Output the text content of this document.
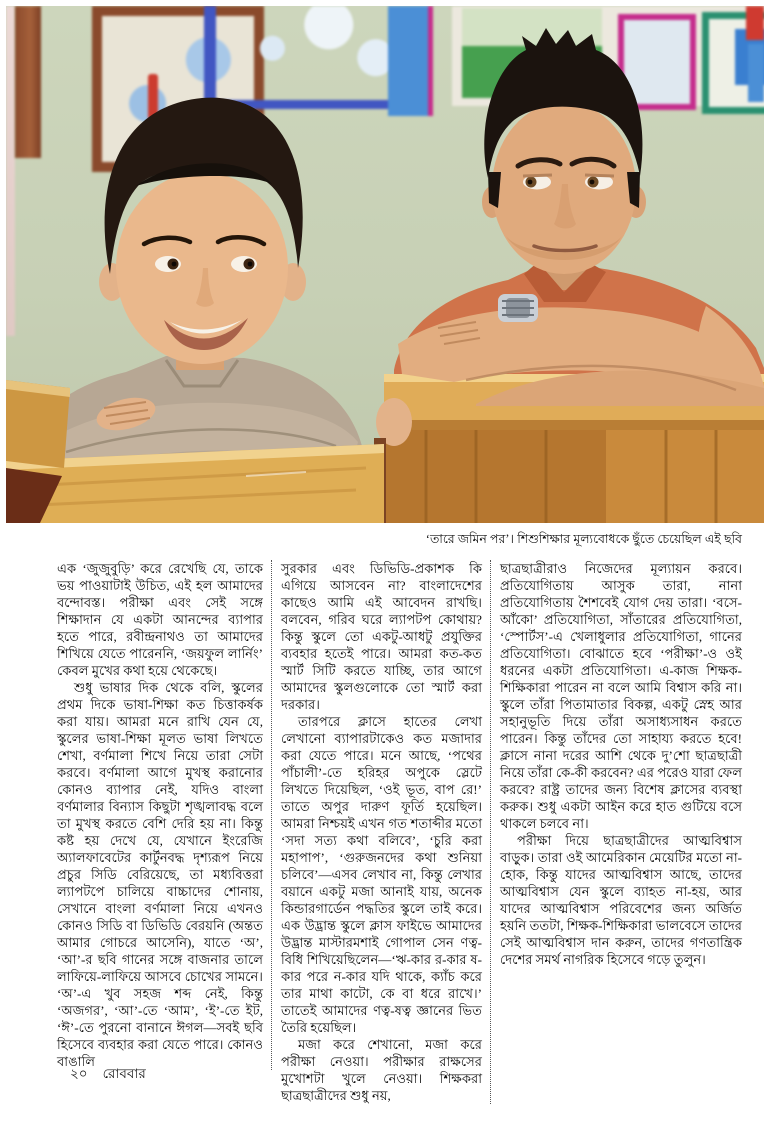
‘তারে জমিন পর’। শিশুশিক্ষার মূল্যবোধকে ছুঁতে চেয়েছিল এই ছবি

এক ‘জুজুবুড়ি’ করে রেখেছি যে, তাকে ভয় পাওয়াটাই উচিত, এই হল আমাদের বন্দোবস্ত। পরীক্ষা এবং সেই সঙ্গে শিক্ষাদান যে একটা আনন্দের ব্যাপার হতে পারে, রবীন্দ্রনাথও তা আমাদের শিখিয়ে যেতে পারেননি, ‘জয়ফুল লার্নিং’ কেবল মুখের কথা হয়ে থেকেছে।

শুধু ভাষার দিক থেকে বলি, স্কুলের প্রথম দিকে ভাষা-শিক্ষা কত চিত্তাকর্ষক করা যায়। আমরা মনে রাখি যেন যে, স্কুলের ভাষা-শিক্ষা মূলত ভাষা লিখতে শেখা, বর্ণমালা শিখে নিয়ে তারা সেটা করবে। বর্ণমালা আগে মুখস্থ করানোর কোনও ব্যাপার নেই, যদিও বাংলা বর্ণমালার বিন্যাস কিছুটা শৃঙ্খলাবদ্ধ বলে তা মুখস্থ করতে বেশি দেরি হয় না। কিন্তু কষ্ট হয় দেখে যে, যেখানে ইংরেজি অ্যালফাবেটের কার্টুনবদ্ধ দৃশ্যরূপ নিয়ে প্রচুর সিডি বেরিয়েছে, তা মধ্যবিত্তরা ল্যাপটপে চালিয়ে বাচ্চাদের শোনায়, সেখানে বাংলা বর্ণমালা নিয়ে এখনও কোনও সিডি বা ডিভিডি বেরয়নি (অন্তত আমার গোচরে আসেনি), যাতে ‘অ’, ‘আ’-র ছবি গানের সঙ্গে বাজনার তালে লাফিয়ে-লাফিয়ে আসবে চোখের সামনে। ‘অ’-এ খুব সহজ শব্দ নেই, কিন্তু ‘অজগর’, ‘আ’-তে ‘আম’, ‘ই’-তে ইট, ‘ঈ’-তে পুরনো বানানে ঈগল—সবই ছবি হিসেবে ব্যবহার করা যেতে পারে। কোনও বাঙালি

সুরকার এবং ডিভিডি-প্রকাশক কি এগিয়ে আসবেন না? বাংলাদেশের কাছেও আমি এই আবেদন রাখছি। বলবেন, গরিব ঘরে ল্যাপটপ কোথায়? কিন্তু স্কুলে তো একটু-আধটু প্রযুক্তির ব্যবহার হতেই পারে। আমরা কত-কত স্মার্ট সিটি করতে যাচ্ছি, তার আগে আমাদের স্কুলগুলোকে তো স্মার্ট করা দরকার।

তারপরে ক্লাসে হাতের লেখা লেখানো ব্যাপারটাকেও কত মজাদার করা যেতে পারে। মনে আছে, ‘পথের পাঁচালী’-তে হরিহর অপুকে স্লেটে লিখতে দিয়েছিল, ‘ওই ভূত, বাপ রে!’ তাতে অপুর দারুণ ফূর্তি হয়েছিল। আমরা নিশ্চয়ই এখন গত শতাব্দীর মতো ‘সদা সত্য কথা বলিবে’, ‘চুরি করা মহাপাপ’, ‘গুরুজনদের কথা শুনিয়া চলিবে’—এসব লেখাব না, কিন্তু লেখার বয়ানে একটু মজা আনাই যায়, অনেক কিন্ডারগার্ডেন পদ্ধতির স্কুলে তাই করে। এক উদ্ভ্রান্ত স্কুলে ক্লাস ফাইভে আমাদের উদ্ভ্রান্ত মাস্টারমশাই গোপাল সেন ণত্ব-বিধি শিখিয়েছিলেন—‘ঋ-কার র-কার ষ-কার পরে ন-কার যদি থাকে, ক্যাঁচ করে তার মাথা কাটো, কে বা ধরে রাখে।’ তাতেই আমাদের ণত্ব-ষত্ব জ্ঞানের ভিত তৈরি হয়েছিল।

মজা করে শেখানো, মজা করে পরীক্ষা নেওয়া। পরীক্ষার রাক্ষসের মুখোশটা খুলে নেওয়া। শিক্ষকরা ছাত্রছাত্রীদের শুধু নয়,

ছাত্রছাত্রীরাও নিজেদের মূল্যায়ন করবে। প্রতিযোগিতায় আসুক তারা, নানা প্রতিযোগিতায় শৈশবেই যোগ দেয় তারা। ‘বসে-আঁকো’ প্রতিযোগিতা, সাঁতারের প্রতিযোগিতা, ‘স্পোর্টস’-এ খেলাধুলার প্রতিযোগিতা, গানের প্রতিযোগিতা। বোঝাতে হবে ‘পরীক্ষা’-ও ওই ধরনের একটা প্রতিযোগিতা। এ-কাজ শিক্ষক-শিক্ষিকারা পারেন না বলে আমি বিশ্বাস করি না। স্কুলে তাঁরা পিতামাতার বিকল্প, একটু স্নেহ আর সহানুভূতি দিয়ে তাঁরা অসাধ্যসাধন করতে পারেন। কিন্তু তাঁদের তো সাহায্য করতে হবে! ক্লাসে নানা দরের আশি থেকে দু’শো ছাত্রছাত্রী নিয়ে তাঁরা কে-কী করবেন? এর পরেও যারা ফেল করবে? রাষ্ট্র তাদের জন্য বিশেষ ক্লাসের ব্যবস্থা করুক। শুধু একটা আইন করে হাত গুটিয়ে বসে থাকলে চলবে না।

পরীক্ষা দিয়ে ছাত্রছাত্রীদের আত্মবিশ্বাস বাড়ুক। তারা ওই আমেরিকান মেয়েটির মতো না-হোক, কিন্তু যাদের আত্মবিশ্বাস আছে, তাদের আত্মবিশ্বাস যেন স্কুলে ব্যাহত না-হয়, আর যাদের আত্মবিশ্বাস পরিবেশের জন্য অর্জিত হয়নি ততটা, শিক্ষক-শিক্ষিকারা ভালবেসে তাদের সেই আত্মবিশ্বাস দান করুন, তাদের গণতান্ত্রিক দেশের সমর্থ নাগরিক হিসেবে গড়ে তুলুন।

২০ রোববার
